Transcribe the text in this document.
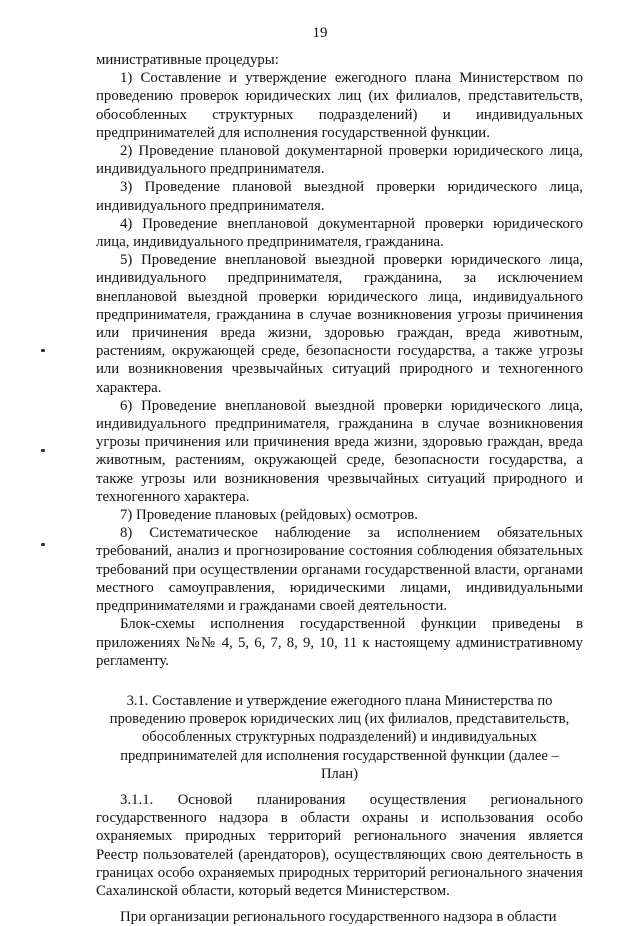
19

министративные процедуры:

1) Составление и утверждение ежегодного плана Министерством по проведению проверок юридических лиц (их филиалов, представительств, обособленных структурных подразделений) и индивидуальных предпринимателей для исполнения государственной функции.

2) Проведение плановой документарной проверки юридического лица, индивидуального предпринимателя.

3) Проведение плановой выездной проверки юридического лица, индивидуального предпринимателя.

4) Проведение внеплановой документарной проверки юридического лица, индивидуального предпринимателя, гражданина.

5) Проведение внеплановой выездной проверки юридического лица, индивидуального предпринимателя, гражданина, за исключением внеплановой выездной проверки юридического лица, индивидуального предпринимателя, гражданина в случае возникновения угрозы причинения или причинения вреда жизни, здоровью граждан, вреда животным, растениям, окружающей среде, безопасности государства, а также угрозы или возникновения чрезвычайных ситуаций природного и техногенного характера.

6) Проведение внеплановой выездной проверки юридического лица, индивидуального предпринимателя, гражданина в случае возникновения угрозы причинения или причинения вреда жизни, здоровью граждан, вреда животным, растениям, окружающей среде, безопасности государства, а также угрозы или возникновения чрезвычайных ситуаций природного и техногенного характера.

7) Проведение плановых (рейдовых) осмотров.

8) Систематическое наблюдение за исполнением обязательных требований, анализ и прогнозирование состояния соблюдения обязательных требований при осуществлении органами государственной власти, органами местного самоуправления, юридическими лицами, индивидуальными предпринимателями и гражданами своей деятельности.

Блок-схемы исполнения государственной функции приведены в приложениях №№ 4, 5, 6, 7, 8, 9, 10, 11 к настоящему административному регламенту.

3.1. Составление и утверждение ежегодного плана Министерства по проведению проверок юридических лиц (их филиалов, представительств, обособленных структурных подразделений) и индивидуальных предпринимателей для исполнения государственной функции (далее – План)

3.1.1. Основой планирования осуществления регионального государственного надзора в области охраны и использования особо охраняемых природных территорий регионального значения является Реестр пользователей (арендаторов), осуществляющих свою деятельность в границах особо охраняемых природных территорий регионального значения Сахалинской области, который ведется Министерством.

При организации регионального государственного надзора в области
